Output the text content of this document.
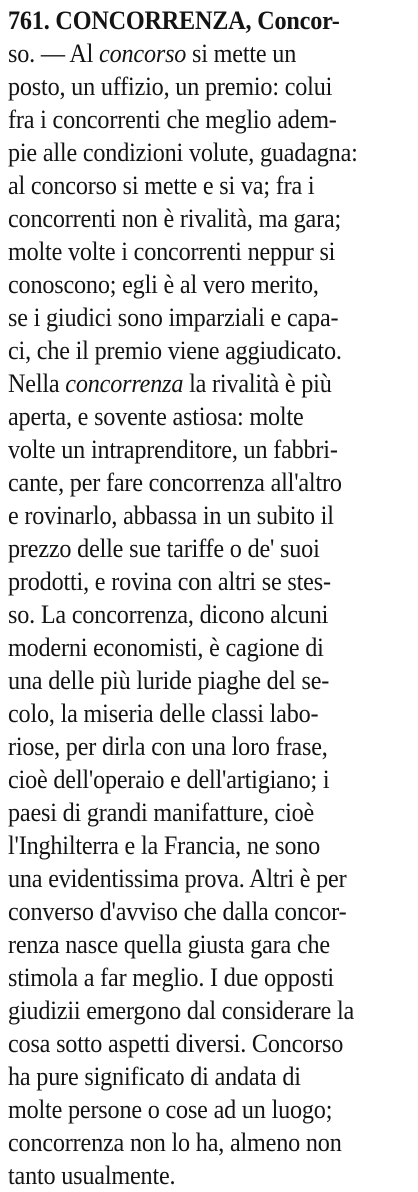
761. CONCORRENZA, Concor-
so. — Al concorso si mette un
posto, un uffizio, un premio: colui
fra i concorrenti che meglio adem-
pie alle condizioni volute, guadagna:
al concorso si mette e si va; fra i
concorrenti non è rivalità, ma gara;
molte volte i concorrenti neppur si
conoscono; egli è al vero merito,
se i giudici sono imparziali e capa-
ci, che il premio viene aggiudicato.
Nella concorrenza la rivalità è più
aperta, e sovente astiosa: molte
volte un intraprenditore, un fabbri-
cante, per fare concorrenza all'altro
e rovinarlo, abbassa in un subito il
prezzo delle sue tariffe o de' suoi
prodotti, e rovina con altri se stes-
so. La concorrenza, dicono alcuni
moderni economisti, è cagione di
una delle più luride piaghe del se-
colo, la miseria delle classi labo-
riose, per dirla con una loro frase,
cioè dell'operaio e dell'artigiano; i
paesi di grandi manifatture, cioè
l'Inghilterra e la Francia, ne sono
una evidentissima prova. Altri è per
converso d'avviso che dalla concor-
renza nasce quella giusta gara che
stimola a far meglio. I due opposti
giudizii emergono dal considerare la
cosa sotto aspetti diversi. Concorso
ha pure significato di andata di
molte persone o cose ad un luogo;
concorrenza non lo ha, almeno non
tanto usualmente.
